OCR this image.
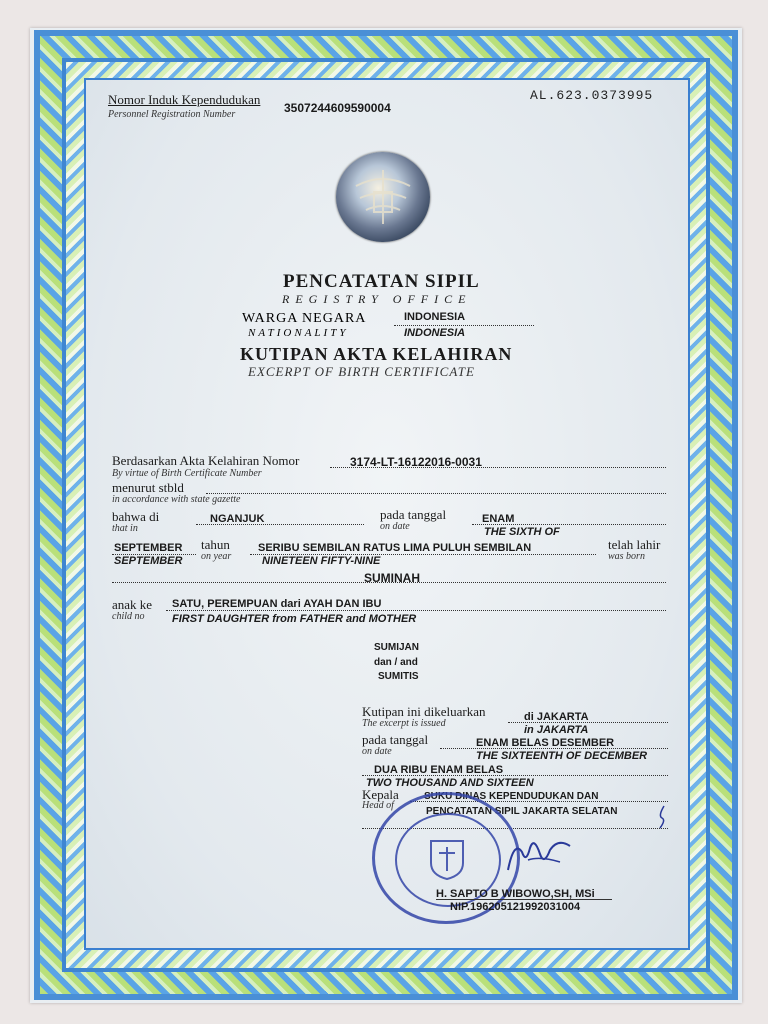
Nomor Induk Kependudukan
Personnel Registration Number	3507244609590004
AL.623.0373995
PENCATATAN SIPIL
REGISTRY OFFICE
WARGA NEGARA
NATIONALITY
INDONESIA
INDONESIA
KUTIPAN AKTA KELAHIRAN
EXCERPT OF BIRTH CERTIFICATE
Berdasarkan Akta Kelahiran Nomor
By virtue of Birth Certificate Number
3174-LT-16122016-0031
menurut stbld
in accordance with state gazette
bahwa di
that in
NGANJUK	pada tanggal
on date
ENAM
THE SIXTH OF
SEPTEMBER
SEPTEMBER
tahun
on year
SERIBU SEMBILAN RATUS LIMA PULUH SEMBILAN
NINETEEN FIFTY-NINE
telah lahir
was born
SUMINAH
anak ke
child no
SATU, PEREMPUAN dari AYAH DAN IBU
FIRST DAUGHTER from FATHER and MOTHER
SUMIJAN
dan / and
SUMITIS
Kutipan ini dikeluarkan
The excerpt is issued
di JAKARTA
in JAKARTA
pada tanggal
on date
ENAM BELAS DESEMBER
THE SIXTEENTH OF DECEMBER
DUA RIBU ENAM BELAS
TWO THOUSAND AND SIXTEEN
Kepala
Head of
SUKU DINAS KEPENDUDUKAN DAN
PENCATATAN SIPIL JAKARTA SELATAN
H. SAPTO B WIBOWO,SH, MSi
NIP.196205121992031004
